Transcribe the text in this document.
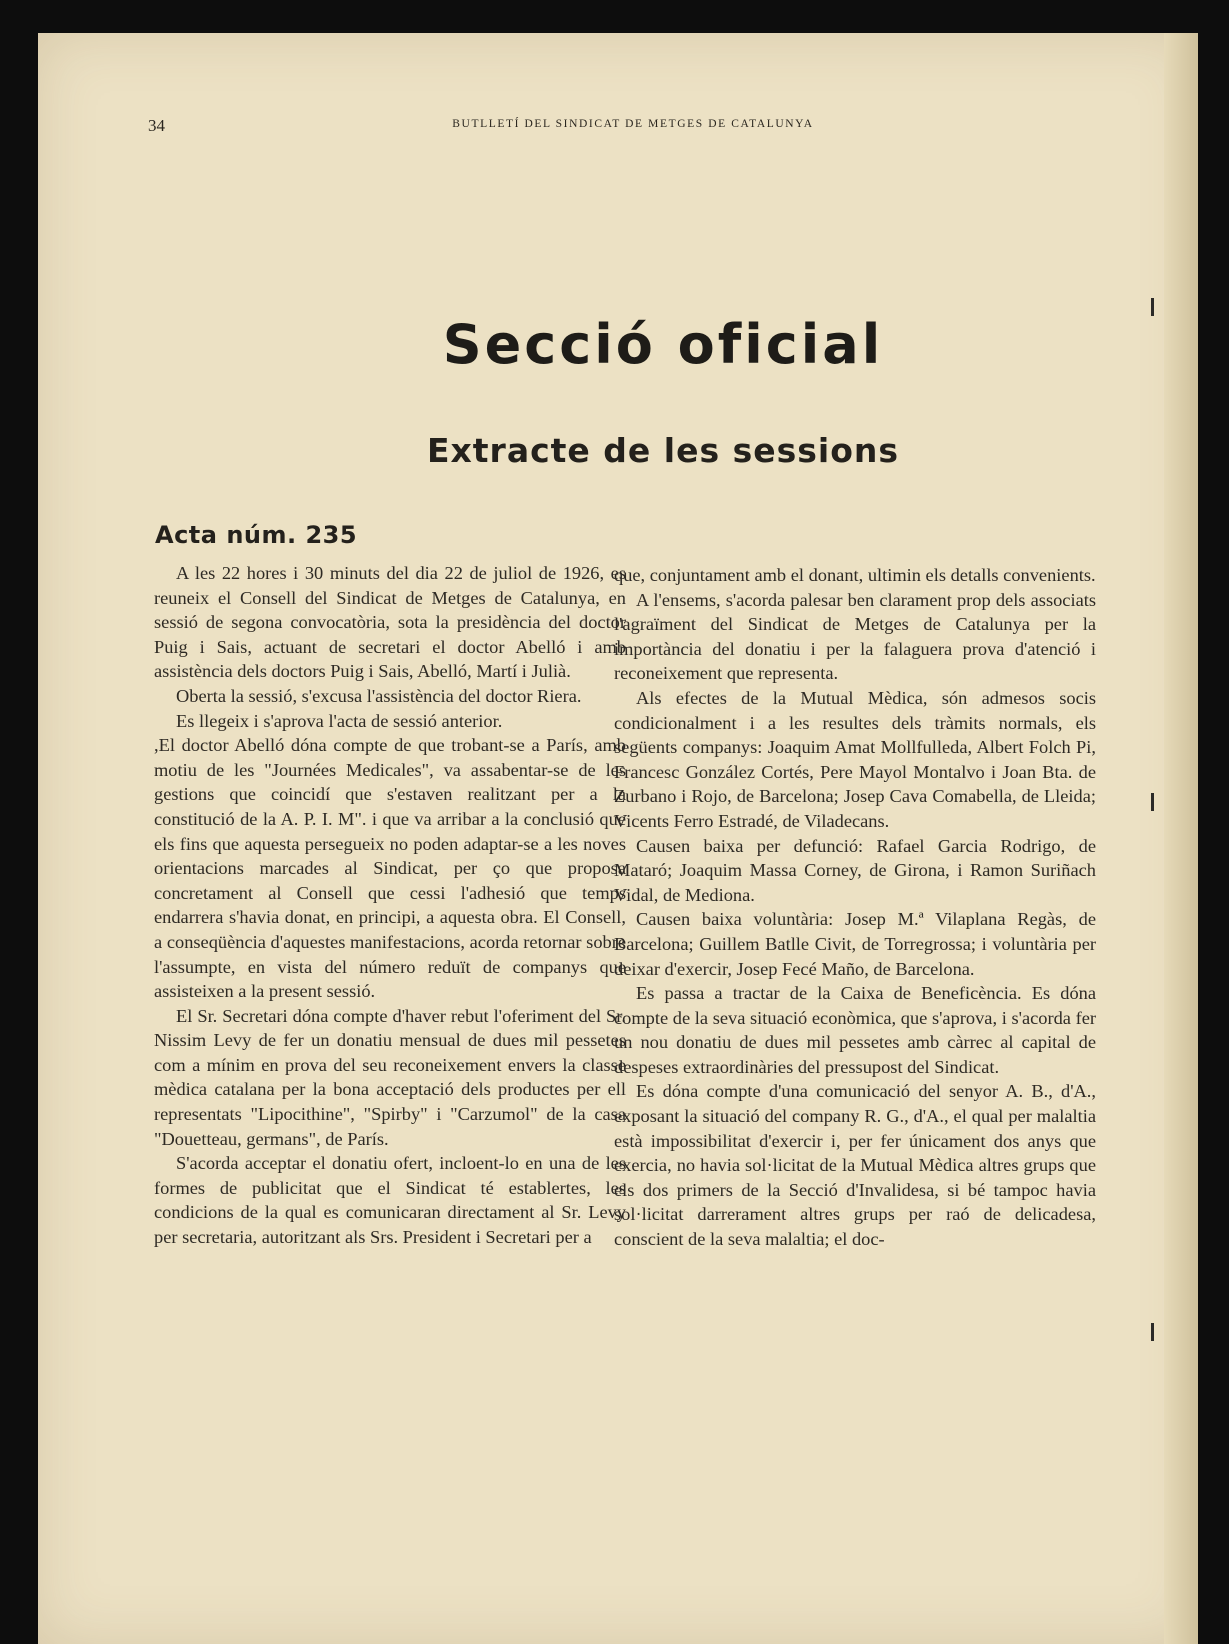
34	BUTLLETÍ DEL SINDICAT DE METGES DE CATALUNYA
Secció oficial
Extracte de les sessions
Acta núm. 235

A les 22 hores i 30 minuts del dia 22 de juliol de 1926, es reuneix el Consell del Sindicat de Metges de Catalunya, en sessió de segona convocatòria, sota la presidència del doctor Puig i Sais, actuant de secretari el doctor Abelló i amb assistència dels doctors Puig i Sais, Abelló, Martí i Julià.

Oberta la sessió, s'excusa l'assistència del doctor Riera.

Es llegeix i s'aprova l'acta de sessió anterior.

,El doctor Abelló dóna compte de que trobant-se a París, amb motiu de les "Journées Medicales", va assabentar-se de les gestions que coincidí que s'estaven realitzant per a la constitució de la A. P. I. M". i que va arribar a la conclusió que els fins que aquesta persegueix no poden adaptar-se a les noves orientacions marcades al Sindicat, per ço que proposa concretament al Consell que cessi l'adhesió que temps endarrera s'havia donat, en principi, a aquesta obra. El Consell, a conseqüència d'aquestes manifestacions, acorda retornar sobre l'assumpte, en vista del número reduït de companys que assisteixen a la present sessió.

El Sr. Secretari dóna compte d'haver rebut l'oferiment del Sr. Nissim Levy de fer un donatiu mensual de dues mil pessetes com a mínim en prova del seu reconeixement envers la classe mèdica catalana per la bona acceptació dels productes per ell representats "Lipocithine", "Spirby" i "Carzumol" de la casa "Douetteau, germans", de París.

S'acorda acceptar el donatiu ofert, incloent-lo en una de les formes de publicitat que el Sindicat té establertes, les condicions de la qual es comunicaran directament al Sr. Levy per secretaria, autoritzant als Srs. President i Secretari per a

que, conjuntament amb el donant, ultimin els detalls convenients.

A l'ensems, s'acorda palesar ben clarament prop dels associats l'agraïment del Sindicat de Metges de Catalunya per la importància del donatiu i per la falaguera prova d'atenció i reconeixement que representa.

Als efectes de la Mutual Mèdica, són admesos socis condicionalment i a les resultes dels tràmits normals, els següents companys: Joaquim Amat Mollfulleda, Albert Folch Pi, Francesc González Cortés, Pere Mayol Montalvo i Joan Bta. de Zurbano i Rojo, de Barcelona; Josep Cava Comabella, de Lleida; Vicents Ferro Estradé, de Viladecans.

Causen baixa per defunció: Rafael Garcia Rodrigo, de Mataró; Joaquim Massa Corney, de Girona, i Ramon Suriñach Vidal, de Mediona.

Causen baixa voluntària: Josep M.ª Vilaplana Regàs, de Barcelona; Guillem Batlle Civit, de Torregrossa; i voluntària per deixar d'exercir, Josep Fecé Maño, de Barcelona.

Es passa a tractar de la Caixa de Beneficència. Es dóna compte de la seva situació econòmica, que s'aprova, i s'acorda fer un nou donatiu de dues mil pessetes amb càrrec al capital de despeses extraordinàries del pressupost del Sindicat.

Es dóna compte d'una comunicació del senyor A. B., d'A., exposant la situació del company R. G., d'A., el qual per malaltia està impossibilitat d'exercir i, per fer únicament dos anys que exercia, no havia sol·licitat de la Mutual Mèdica altres grups que els dos primers de la Secció d'Invalidesa, si bé tampoc havia sol·licitat darrerament altres grups per raó de delicadesa, conscient de la seva malaltia; el doc-
